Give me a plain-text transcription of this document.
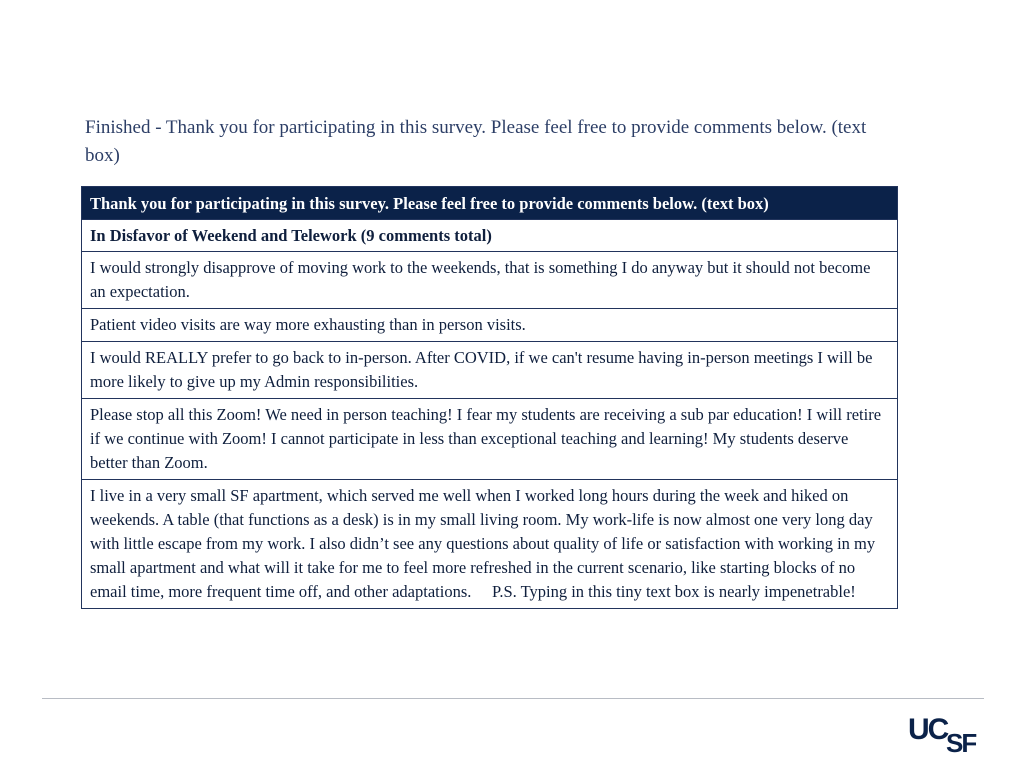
Finished - Thank you for participating in this survey. Please feel free to provide comments below. (text box)
Thank you for participating in this survey. Please feel free to provide comments below. (text box)
In Disfavor of Weekend and Telework (9 comments total)
I would strongly disapprove of moving work to the weekends, that is something I do anyway but it should not become an expectation.
Patient video visits are way more exhausting than in person visits.
I would REALLY prefer to go back to in-person. After COVID, if we can't resume having in-person meetings I will be more likely to give up my Admin responsibilities.
Please stop all this Zoom! We need in person teaching! I fear my students are receiving a sub par education! I will retire if we continue with Zoom! I cannot participate in less than exceptional teaching and learning! My students deserve better than Zoom.
I live in a very small SF apartment, which served me well when I worked long hours during the week and hiked on weekends. A table (that functions as a desk) is in my small living room. My work-life is now almost one very long day with little escape from my work. I also didn’t see any questions about quality of life or satisfaction with working in my small apartment and what will it take for me to feel more refreshed in the current scenario, like starting blocks of no email time, more frequent time off, and other adaptations.     P.S. Typing in this tiny text box is nearly impenetrable!
UC
SF
